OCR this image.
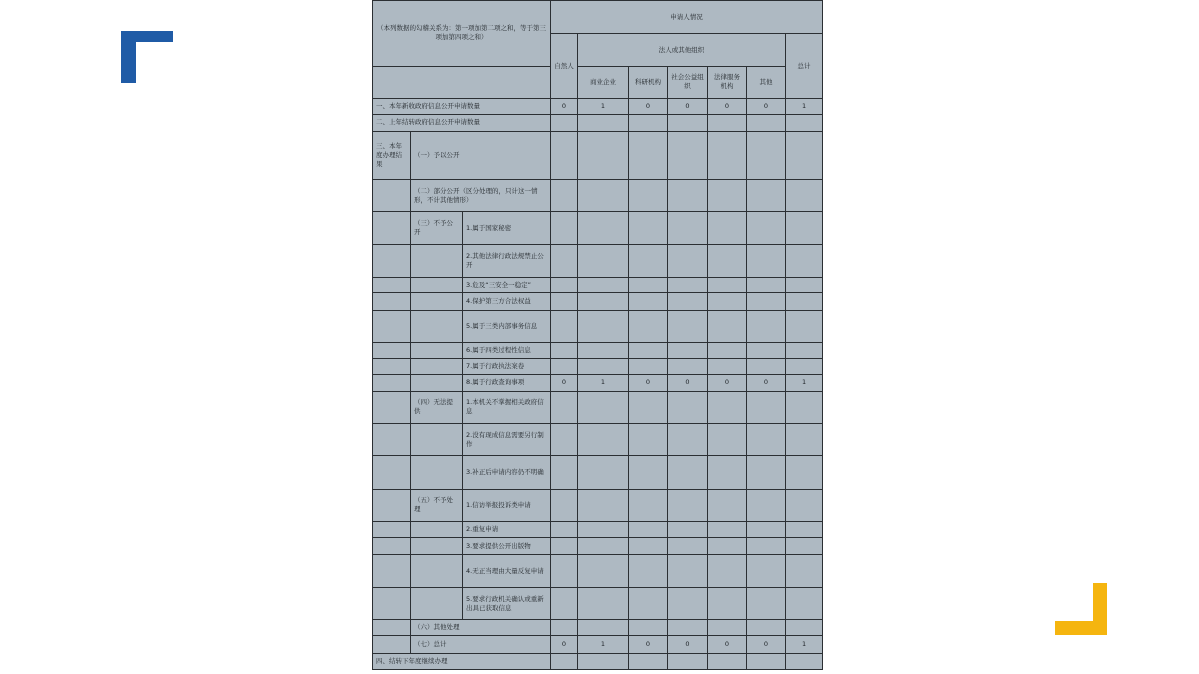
（本列数据的勾稽关系为：第一项加第二项之和，等于第三项加第四项之和）			申请人情况						
			自然人	法人或其他组织					总计
				商业企业	科研机构	社会公益组织	法律服务机构	其他	
一、本年新收政府信息公开申请数量			0	1	0	0	0	0	1
二、上年结转政府信息公开申请数量									
三、本年度办理结果	（一）予以公开								
	（二）部分公开（区分处理的，只计这一情形，不计其他情形）								
	（三）不予公开	1.属于国家秘密							
		2.其他法律行政法规禁止公开							
		3.危及“三安全一稳定”							
		4.保护第三方合法权益							
		5.属于三类内部事务信息							
		6.属于四类过程性信息							
		7.属于行政执法案卷							
		8.属于行政查询事项	0	1	0	0	0	0	1
	（四）无法提供	1.本机关不掌握相关政府信息							
		2.没有现成信息需要另行制作							
		3.补正后申请内容仍不明确							
	（五）不予处理	1.信访举报投诉类申请							
		2.重复申请							
		3.要求提供公开出版物							
		4.无正当理由大量反复申请							
		5.要求行政机关确认或重新出具已获取信息							
	（六）其他处理								
	（七）总计		0	1	0	0	0	0	1
四、结转下年度继续办理									
